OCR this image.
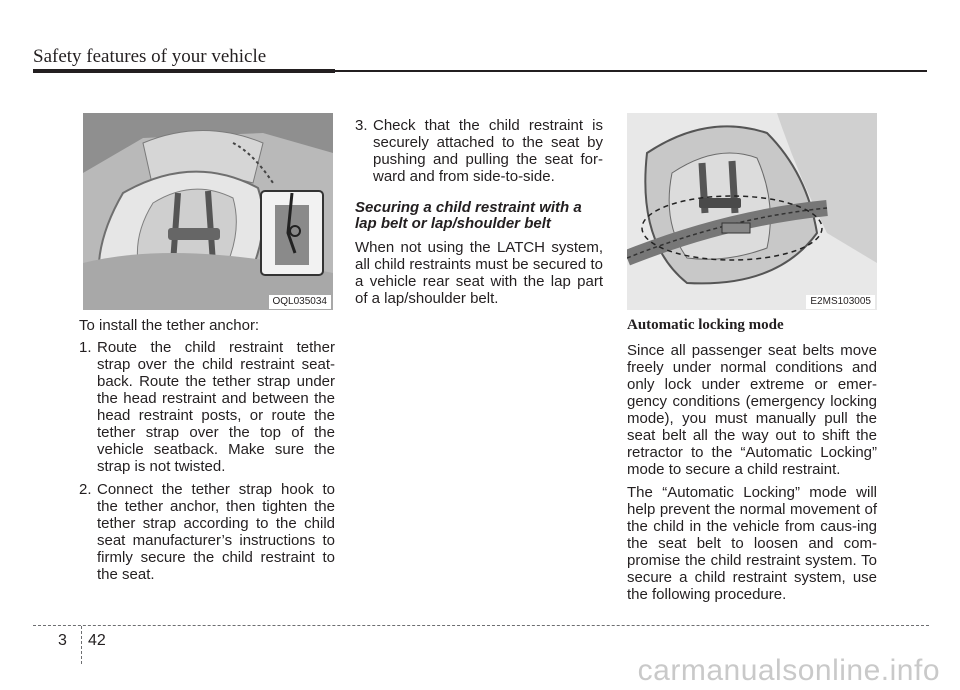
Safety features of your vehicle
OQL035034	E2MS103005

To install the tether anchor:

1. Route the child restraint tether strap over the child restraint seat-back. Route the tether strap under the head restraint and between the head restraint posts, or route the tether strap over the top of the vehicle seatback. Make sure the strap is not twisted.
2. Connect the tether strap hook to the tether anchor, then tighten the tether strap according to the child seat manufacturer’s instructions to firmly secure the child restraint to the seat.
3. Check that the child restraint is securely attached to the seat by pushing and pulling the seat for-ward and from side-to-side.
Securing a child restraint with a lap belt or lap/shoulder belt

When not using the LATCH system, all child restraints must be secured to a vehicle rear seat with the lap part of a lap/shoulder belt.

Automatic locking mode

Since all passenger seat belts move freely under normal conditions and only lock under extreme or emer-gency conditions (emergency locking mode), you must manually pull the seat belt all the way out to shift the retractor to the “Automatic Locking” mode to secure a child restraint.

The “Automatic Locking” mode will help prevent the normal movement of the child in the vehicle from caus-ing the seat belt to loosen and com-promise the child restraint system. To secure a child restraint system, use the following procedure.

3 42
carmanualsonline.info
